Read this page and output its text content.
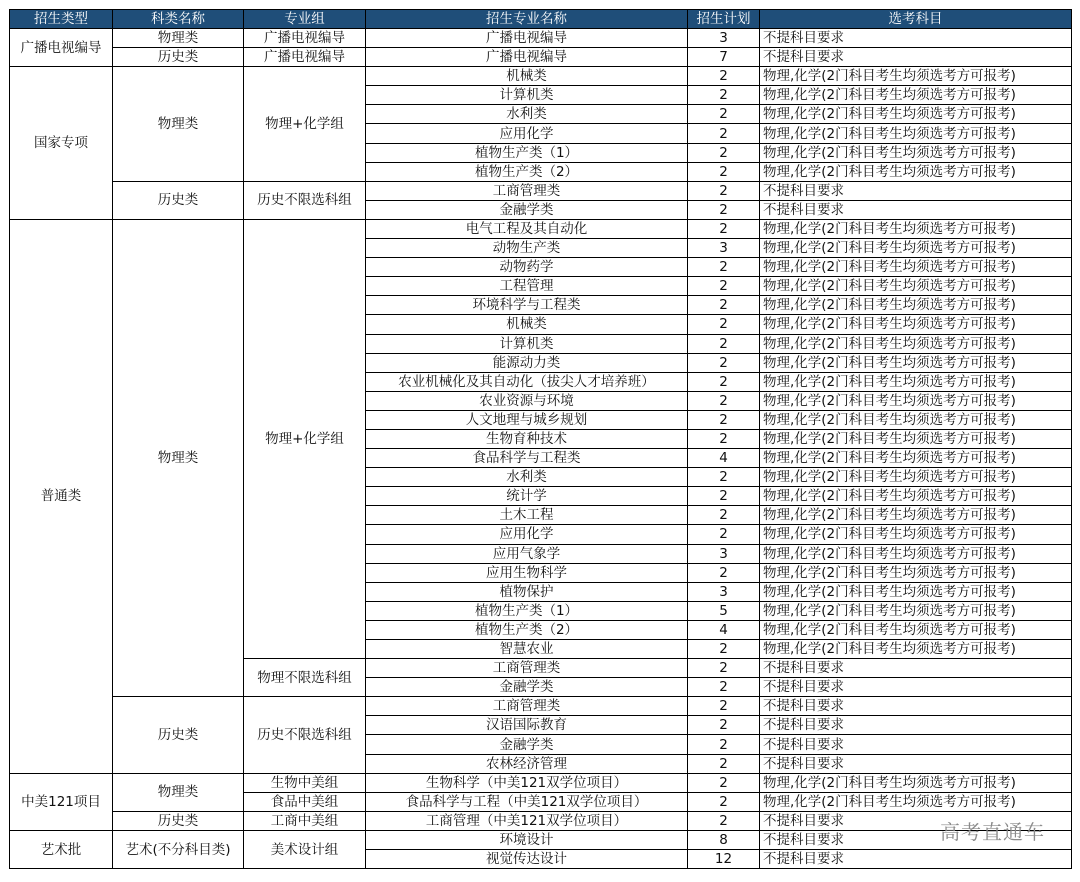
招生类型	科类名称	专业组	招生专业名称	招生计划	选考科目
广播电视编导	物理类	广播电视编导	广播电视编导	3	不提科目要求
	历史类	广播电视编导	广播电视编导	7	不提科目要求
国家专项	物理类	物理+化学组	机械类	2	物理,化学(2门科目考生均须选考方可报考)
			计算机类	2	物理,化学(2门科目考生均须选考方可报考)
			水利类	2	物理,化学(2门科目考生均须选考方可报考)
			应用化学	2	物理,化学(2门科目考生均须选考方可报考)
			植物生产类（1）	2	物理,化学(2门科目考生均须选考方可报考)
			植物生产类（2）	2	物理,化学(2门科目考生均须选考方可报考)
	历史类	历史不限选科组	工商管理类	2	不提科目要求
			金融学类	2	不提科目要求
普通类	物理类	物理+化学组	电气工程及其自动化	2	物理,化学(2门科目考生均须选考方可报考)
			动物生产类	3	物理,化学(2门科目考生均须选考方可报考)
			动物药学	2	物理,化学(2门科目考生均须选考方可报考)
			工程管理	2	物理,化学(2门科目考生均须选考方可报考)
			环境科学与工程类	2	物理,化学(2门科目考生均须选考方可报考)
			机械类	2	物理,化学(2门科目考生均须选考方可报考)
			计算机类	2	物理,化学(2门科目考生均须选考方可报考)
			能源动力类	2	物理,化学(2门科目考生均须选考方可报考)
			农业机械化及其自动化（拔尖人才培养班）	2	物理,化学(2门科目考生均须选考方可报考)
			农业资源与环境	2	物理,化学(2门科目考生均须选考方可报考)
			人文地理与城乡规划	2	物理,化学(2门科目考生均须选考方可报考)
			生物育种技术	2	物理,化学(2门科目考生均须选考方可报考)
			食品科学与工程类	4	物理,化学(2门科目考生均须选考方可报考)
			水利类	2	物理,化学(2门科目考生均须选考方可报考)
			统计学	2	物理,化学(2门科目考生均须选考方可报考)
			土木工程	2	物理,化学(2门科目考生均须选考方可报考)
			应用化学	2	物理,化学(2门科目考生均须选考方可报考)
			应用气象学	3	物理,化学(2门科目考生均须选考方可报考)
			应用生物科学	2	物理,化学(2门科目考生均须选考方可报考)
			植物保护	3	物理,化学(2门科目考生均须选考方可报考)
			植物生产类（1）	5	物理,化学(2门科目考生均须选考方可报考)
			植物生产类（2）	4	物理,化学(2门科目考生均须选考方可报考)
			智慧农业	2	物理,化学(2门科目考生均须选考方可报考)
		物理不限选科组	工商管理类	2	不提科目要求
			金融学类	2	不提科目要求
	历史类	历史不限选科组	工商管理类	2	不提科目要求
			汉语国际教育	2	不提科目要求
			金融学类	2	不提科目要求
			农林经济管理	2	不提科目要求
中美121项目	物理类	生物中美组	生物科学（中美121双学位项目）	2	物理,化学(2门科目考生均须选考方可报考)
		食品中美组	食品科学与工程（中美121双学位项目）	2	物理,化学(2门科目考生均须选考方可报考)
	历史类	工商中美组	工商管理（中美121双学位项目）	2	不提科目要求
艺术批	艺术(不分科目类)	美术设计组	环境设计	8	不提科目要求
			视觉传达设计	12	不提科目要求
高考直通车
